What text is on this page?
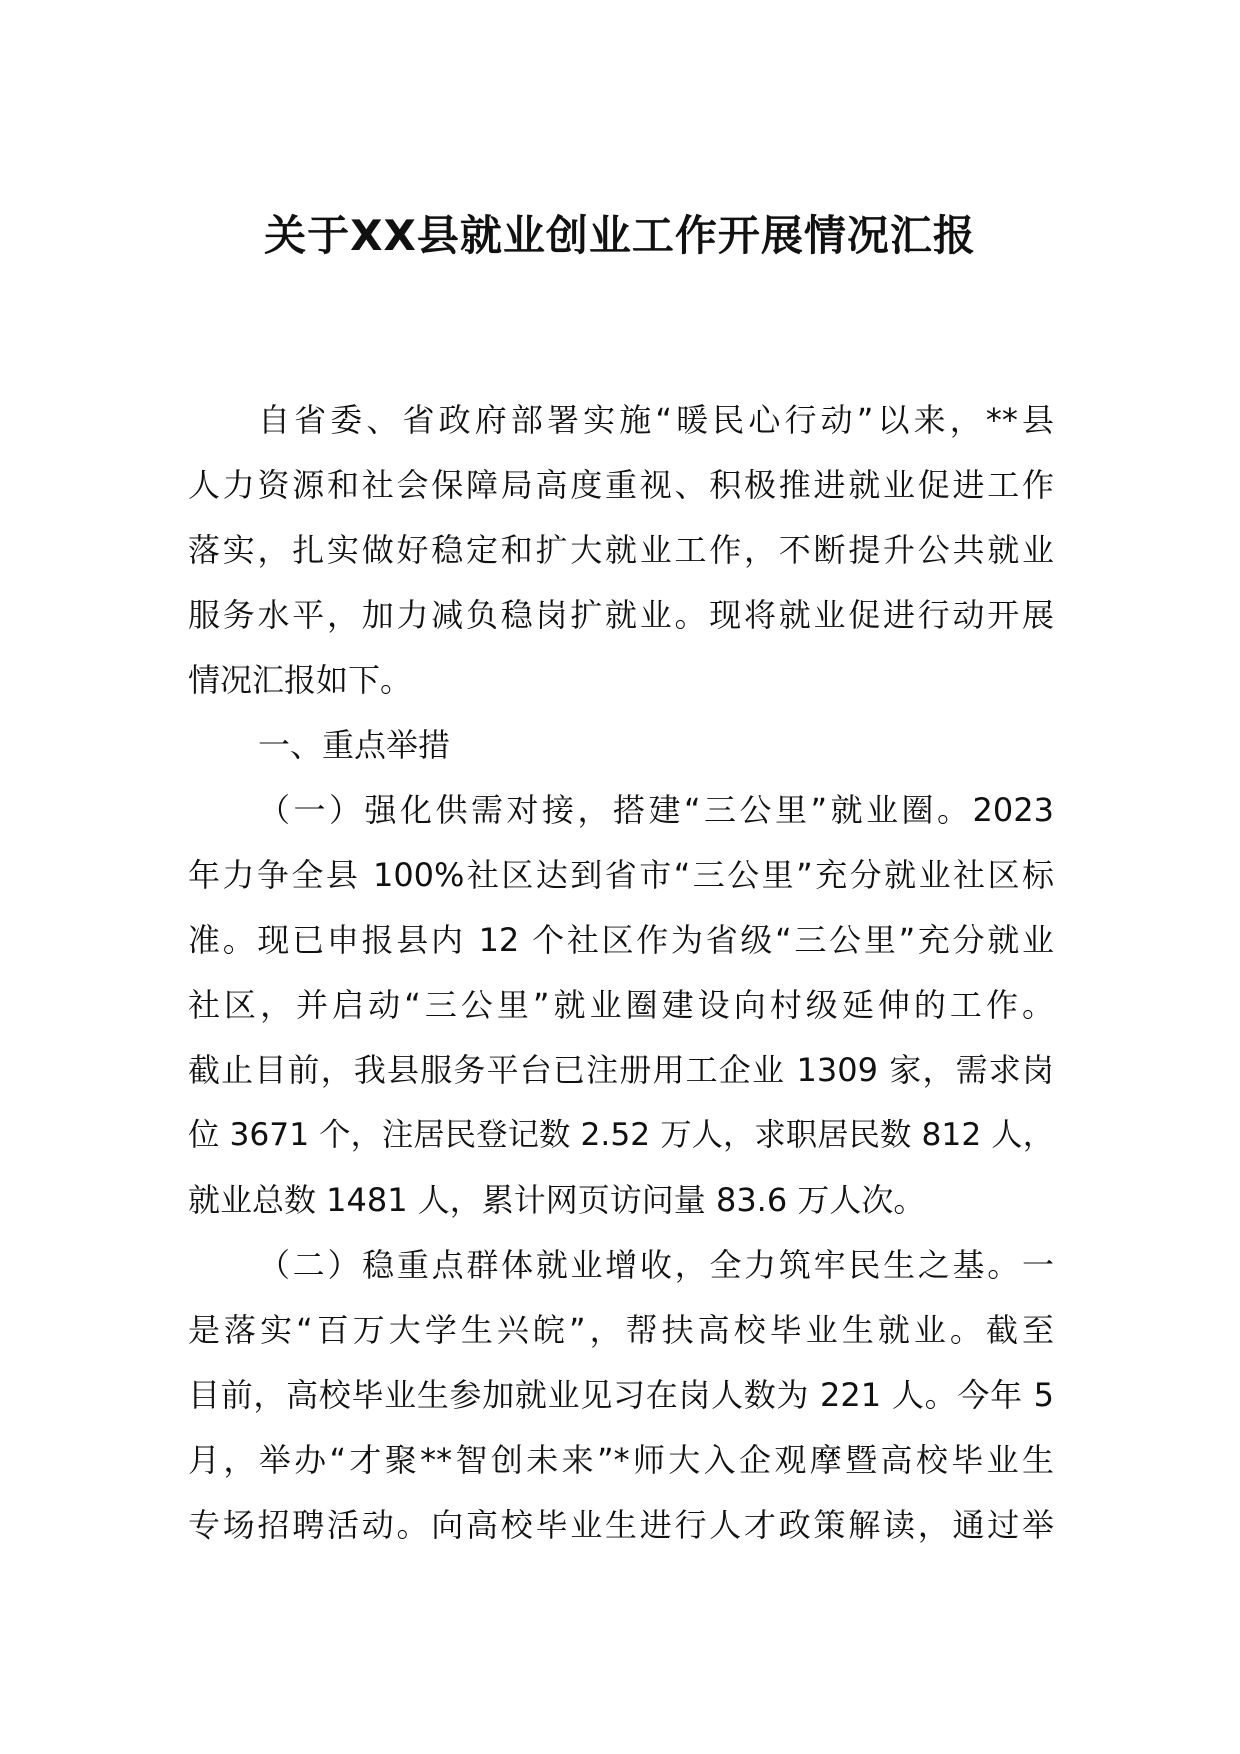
关于XX县就业创业工作开展情况汇报
自省委、省政府部署实施“暖民心行动”以来，**县
人力资源和社会保障局高度重视、积极推进就业促进工作
落实，扎实做好稳定和扩大就业工作，不断提升公共就业
服务水平，加力减负稳岗扩就业。现将就业促进行动开展
情况汇报如下。
一、重点举措
（一）强化供需对接，搭建“三公里”就业圈。2023
年力争全县 100%社区达到省市“三公里”充分就业社区标
准。现已申报县内 12 个社区作为省级“三公里”充分就业
社区，并启动“三公里”就业圈建设向村级延伸的工作。
截止目前，我县服务平台已注册用工企业 1309 家，需求岗
位 3671 个，注居民登记数 2.52 万人，求职居民数 812 人，
就业总数 1481 人，累计网页访问量 83.6 万人次。
（二）稳重点群体就业增收，全力筑牢民生之基。一
是落实“百万大学生兴皖”，帮扶高校毕业生就业。截至
目前，高校毕业生参加就业见习在岗人数为 221 人。今年 5
月，举办“才聚**智创未来”*师大入企观摩暨高校毕业生
专场招聘活动。向高校毕业生进行人才政策解读，通过举
